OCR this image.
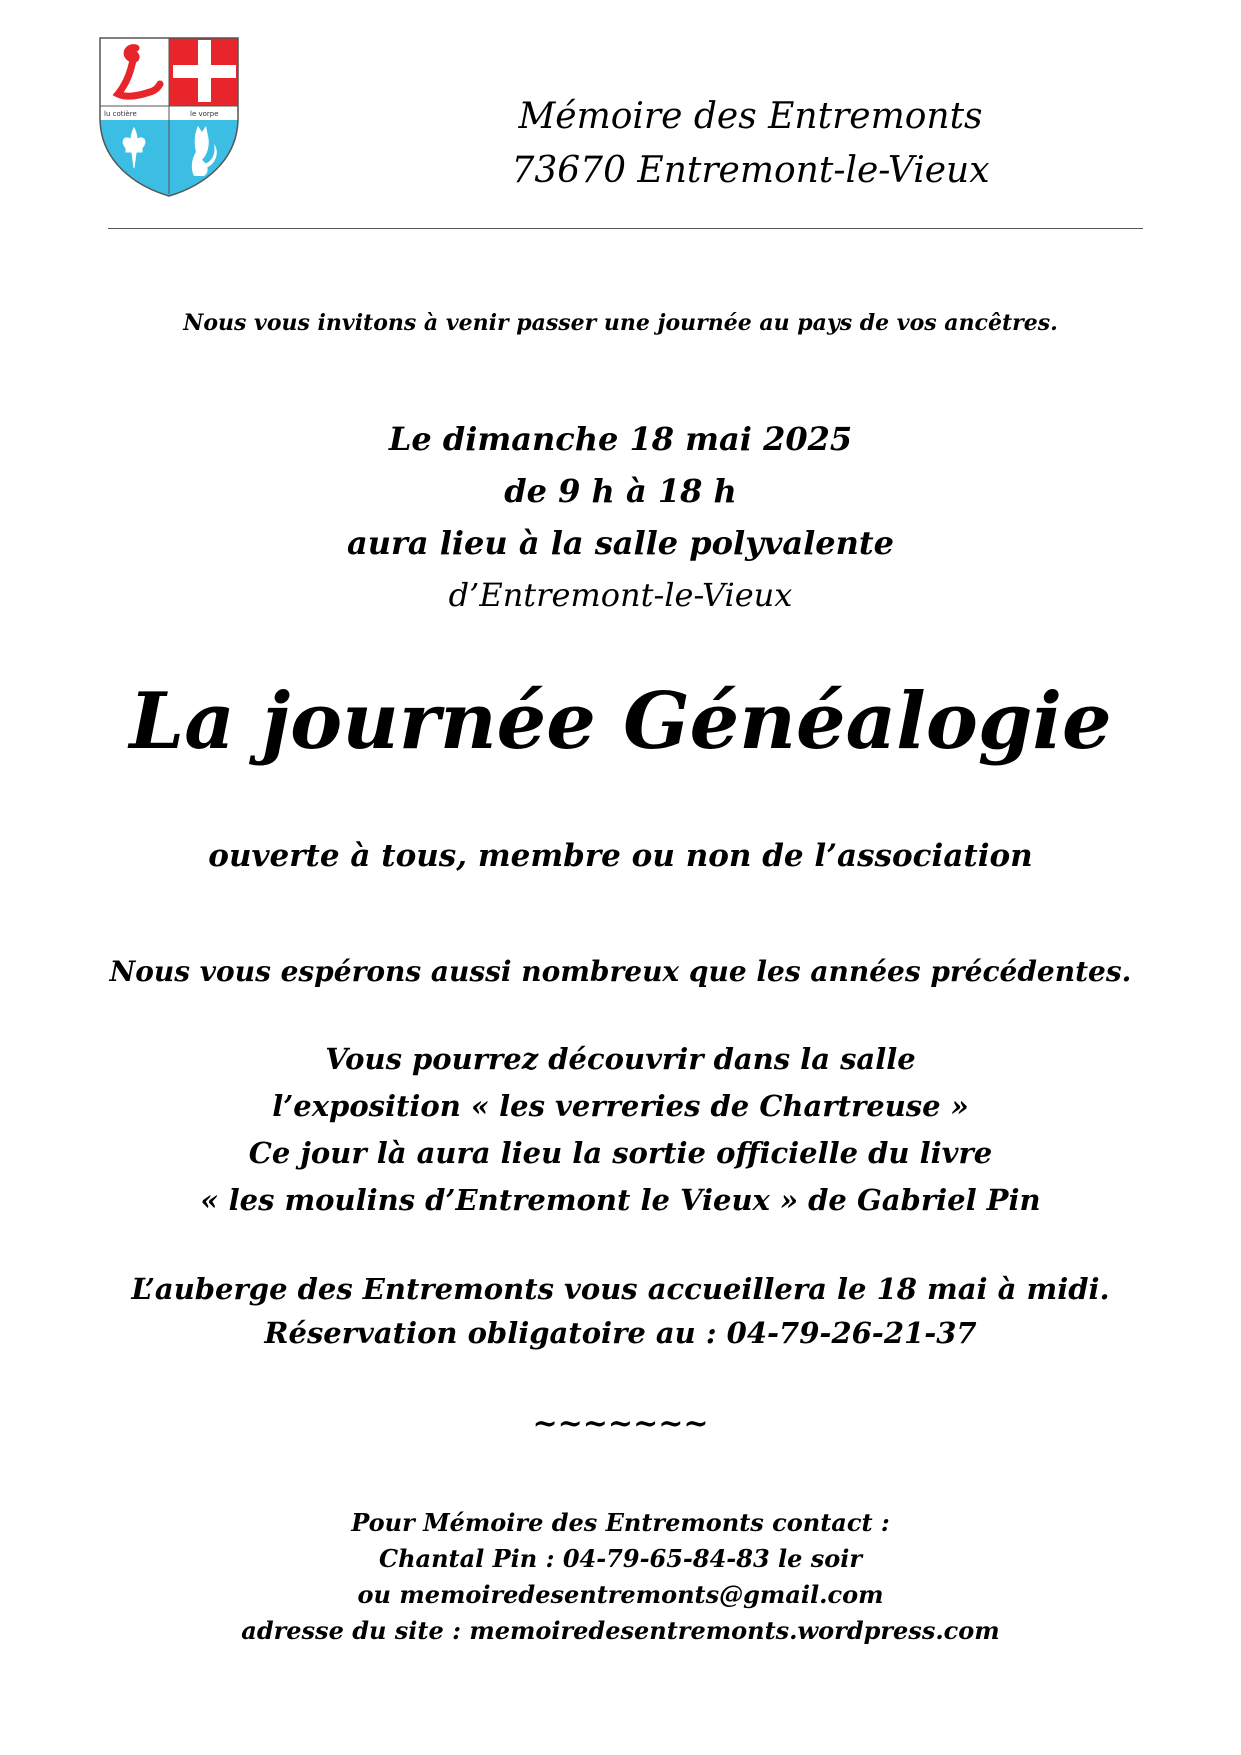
lu cotière	le vorpe	Mémoire des Entremonts
73670 Entremont-le-Vieux
Nous vous invitons à venir passer une journée au pays de vos ancêtres.
Le dimanche 18 mai 2025
de 9 h à 18 h
aura lieu à la salle polyvalente
d’Entremont-le-Vieux
La journée Généalogie
ouverte à tous, membre ou non de l’association
Nous vous espérons aussi nombreux que les années précédentes.
Vous pourrez découvrir dans la salle
l’exposition « les verreries de Chartreuse »
Ce jour là aura lieu la sortie officielle du livre
« les moulins d’Entremont le Vieux » de Gabriel Pin
L’auberge des Entremonts vous accueillera le 18 mai à midi.
Réservation obligatoire au : 04-79-26-21-37
~~~~~~~
Pour Mémoire des Entremonts contact :
Chantal Pin : 04-79-65-84-83 le soir
ou memoiredesentremonts@gmail.com
adresse du site : memoiredesentremonts.wordpress.com
